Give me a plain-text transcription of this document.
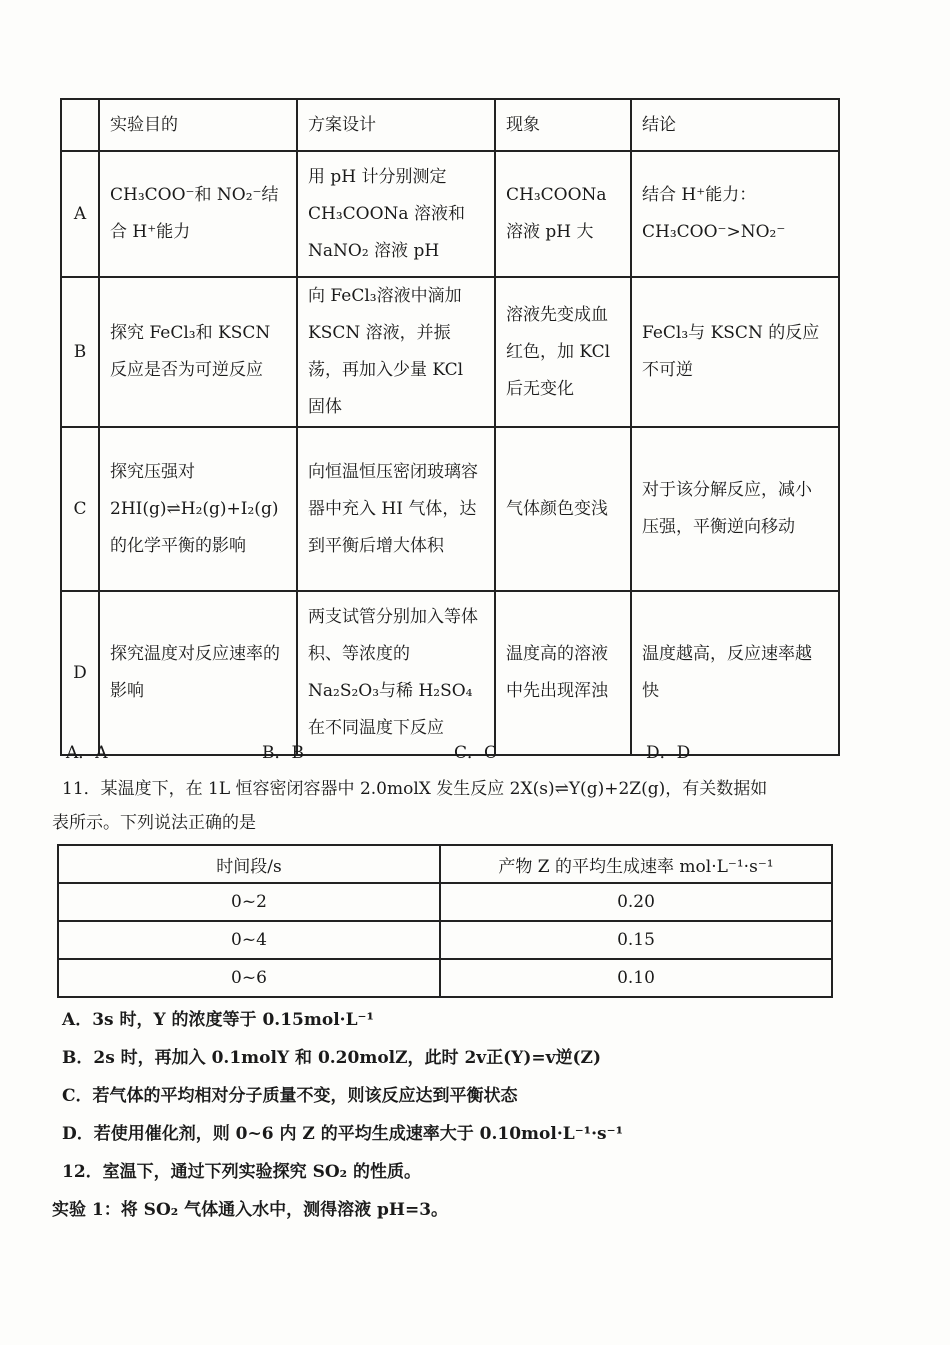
	实验目的	方案设计	现象	结论
A	CH₃COO⁻和 NO₂⁻结合 H⁺能力	用 pH 计分别测定 CH₃COONa 溶液和 NaNO₂ 溶液 pH	CH₃COONa 溶液 pH 大	结合 H⁺能力：CH₃COO⁻>NO₂⁻
B	探究 FeCl₃和 KSCN 反应是否为可逆反应	向 FeCl₃溶液中滴加 KSCN 溶液，并振荡，再加入少量 KCl 固体	溶液先变成血红色，加 KCl 后无变化	FeCl₃与 KSCN 的反应不可逆
C	探究压强对 2HI(g)⇌H₂(g)+I₂(g) 的化学平衡的影响	向恒温恒压密闭玻璃容器中充入 HI 气体，达到平衡后增大体积	气体颜色变浅	对于该分解反应，减小压强，平衡逆向移动
D	探究温度对反应速率的影响	两支试管分别加入等体积、等浓度的 Na₂S₂O₃与稀 H₂SO₄ 在不同温度下反应	温度高的溶液中先出现浑浊	温度越高，反应速率越快
A．A	B．B	C．C	D．D
11．某温度下，在 1L 恒容密闭容器中 2.0molX 发生反应 2X(s)⇌Y(g)+2Z(g)，有关数据如
表所示。下列说法正确的是
时间段/s	产物 Z 的平均生成速率 mol·L⁻¹·s⁻¹
0~2	0.20
0~4	0.15
0~6	0.10
A．3s 时，Y 的浓度等于 0.15mol·L⁻¹
B．2s 时，再加入 0.1molY 和 0.20molZ，此时 2v正(Y)=v逆(Z)
C．若气体的平均相对分子质量不变，则该反应达到平衡状态
D．若使用催化剂，则 0~6 内 Z 的平均生成速率大于 0.10mol·L⁻¹·s⁻¹
12．室温下，通过下列实验探究 SO₂ 的性质。
实验 1：将 SO₂ 气体通入水中，测得溶液 pH=3。
